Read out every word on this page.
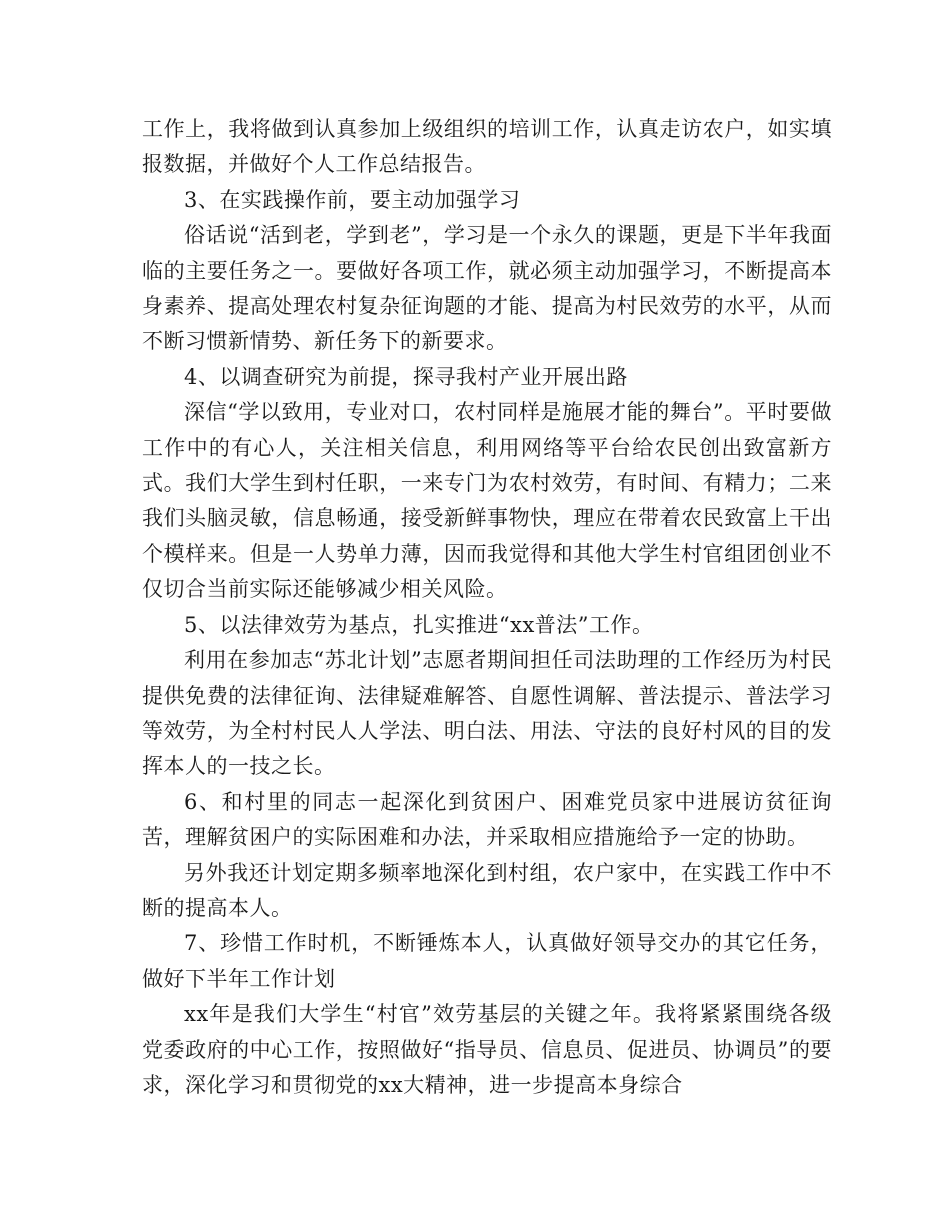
工作上，我将做到认真参加上级组织的培训工作，认真走访农户，如实填报数据，并做好个人工作总结报告。

3、在实践操作前，要主动加强学习

俗话说“活到老，学到老”，学习是一个永久的课题，更是下半年我面临的主要任务之一。要做好各项工作，就必须主动加强学习，不断提高本身素养、提高处理农村复杂征询题的才能、提高为村民效劳的水平，从而不断习惯新情势、新任务下的新要求。

4、以调查研究为前提，探寻我村产业开展出路

深信“学以致用，专业对口，农村同样是施展才能的舞台”。平时要做工作中的有心人，关注相关信息，利用网络等平台给农民创出致富新方式。我们大学生到村任职，一来专门为农村效劳，有时间、有精力；二来我们头脑灵敏，信息畅通，接受新鲜事物快，理应在带着农民致富上干出个模样来。但是一人势单力薄，因而我觉得和其他大学生村官组团创业不仅切合当前实际还能够减少相关风险。

5、以法律效劳为基点，扎实推进“xx普法”工作。

利用在参加志“苏北计划”志愿者期间担任司法助理的工作经历为村民提供免费的法律征询、法律疑难解答、自愿性调解、普法提示、普法学习等效劳，为全村村民人人学法、明白法、用法、守法的良好村风的目的发挥本人的一技之长。

6、和村里的同志一起深化到贫困户、困难党员家中进展访贫征询苦，理解贫困户的实际困难和办法，并采取相应措施给予一定的协助。

另外我还计划定期多频率地深化到村组，农户家中，在实践工作中不断的提高本人。

7、珍惜工作时机，不断锤炼本人，认真做好领导交办的其它任务，做好下半年工作计划

xx年是我们大学生“村官”效劳基层的关键之年。我将紧紧围绕各级党委政府的中心工作，按照做好“指导员、信息员、促进员、协调员”的要求，深化学习和贯彻党的xx大精神，进一步提高本身综合
